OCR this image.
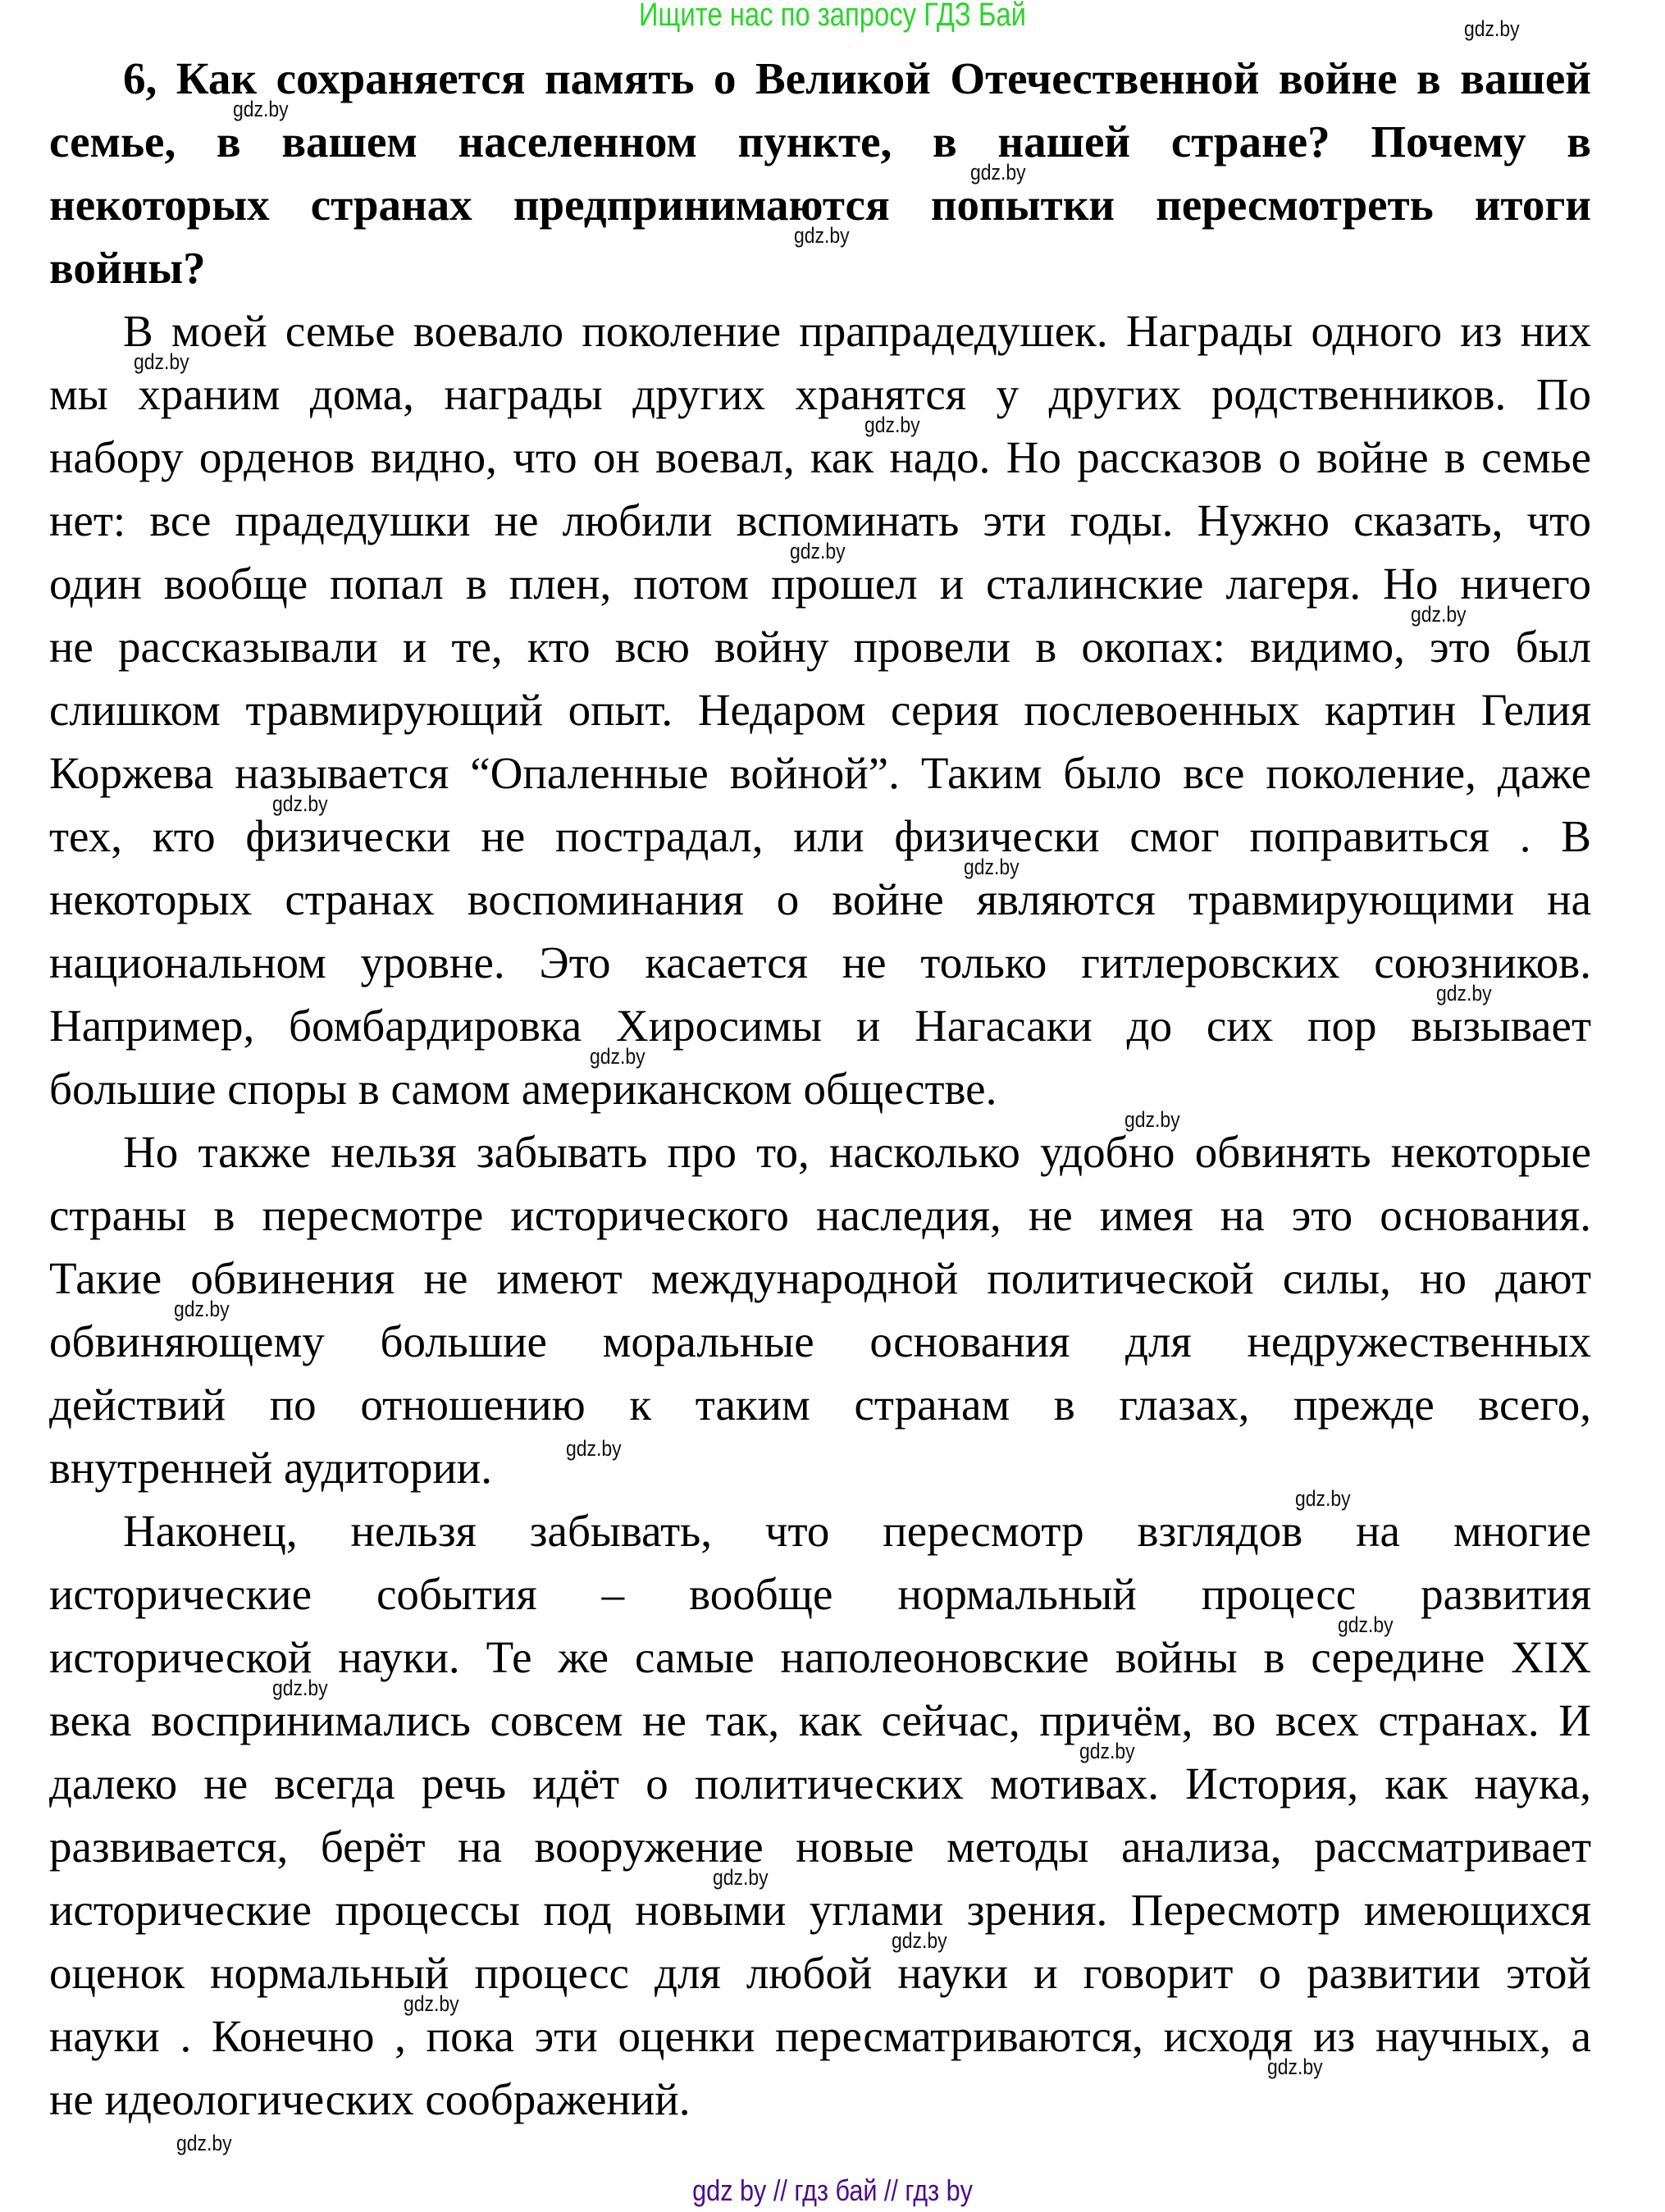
Ищите нас по запросу ГДЗ Бай
6, Как сохраняется память о Великой Отечественной войне в вашей
семье, в вашем населенном пункте, в нашей стране? Почему в
некоторых странах предпринимаются попытки пересмотреть итоги
войны?
В моей семье воевало поколение прапрадедушек. Награды одного из них
мы храним дома, награды других хранятся у других родственников. По
набору орденов видно, что он воевал, как надо. Но рассказов о войне в семье
нет: все прадедушки не любили вспоминать эти годы. Нужно сказать, что
один вообще попал в плен, потом прошел и сталинские лагеря. Но ничего
не рассказывали и те, кто всю войну провели в окопах: видимо, это был
слишком травмирующий опыт. Недаром серия послевоенных картин Гелия
Коржева называется “Опаленные войной”. Таким было все поколение, даже
тех, кто физически не пострадал, или физически смог поправиться . В
некоторых странах воспоминания о войне являются травмирующими на
национальном уровне. Это касается не только гитлеровских союзников.
Например, бомбардировка Хиросимы и Нагасаки до сих пор вызывает
большие споры в самом американском обществе.
Но также нельзя забывать про то, насколько удобно обвинять некоторые
страны в пересмотре исторического наследия, не имея на это основания.
Такие обвинения не имеют международной политической силы, но дают
обвиняющему большие моральные основания для недружественных
действий по отношению к таким странам в глазах, прежде всего,
внутренней аудитории.
Наконец, нельзя забывать, что пересмотр взглядов на многие
исторические события – вообще нормальный процесс развития
исторической науки. Те же самые наполеоновские войны в середине XIX
века воспринимались совсем не так, как сейчас, причём, во всех странах. И
далеко не всегда речь идёт о политических мотивах. История, как наука,
развивается, берёт на вооружение новые методы анализа, рассматривает
исторические процессы под новыми углами зрения. Пересмотр имеющихся
оценок нормальный процесс для любой науки и говорит о развитии этой
науки . Конечно , пока эти оценки пересматриваются, исходя из научных, а
не идеологических соображений.
gdz.by
gdz.by
gdz.by
gdz.by
gdz.by
gdz.by
gdz.by
gdz.by
gdz.by
gdz.by
gdz.by
gdz.by
gdz.by
gdz.by
gdz.by
gdz.by
gdz.by
gdz.by
gdz.by
gdz.by
gdz.by
gdz.by
gdz.by
gdz.by
gdz by // гдз бай // гдз by
